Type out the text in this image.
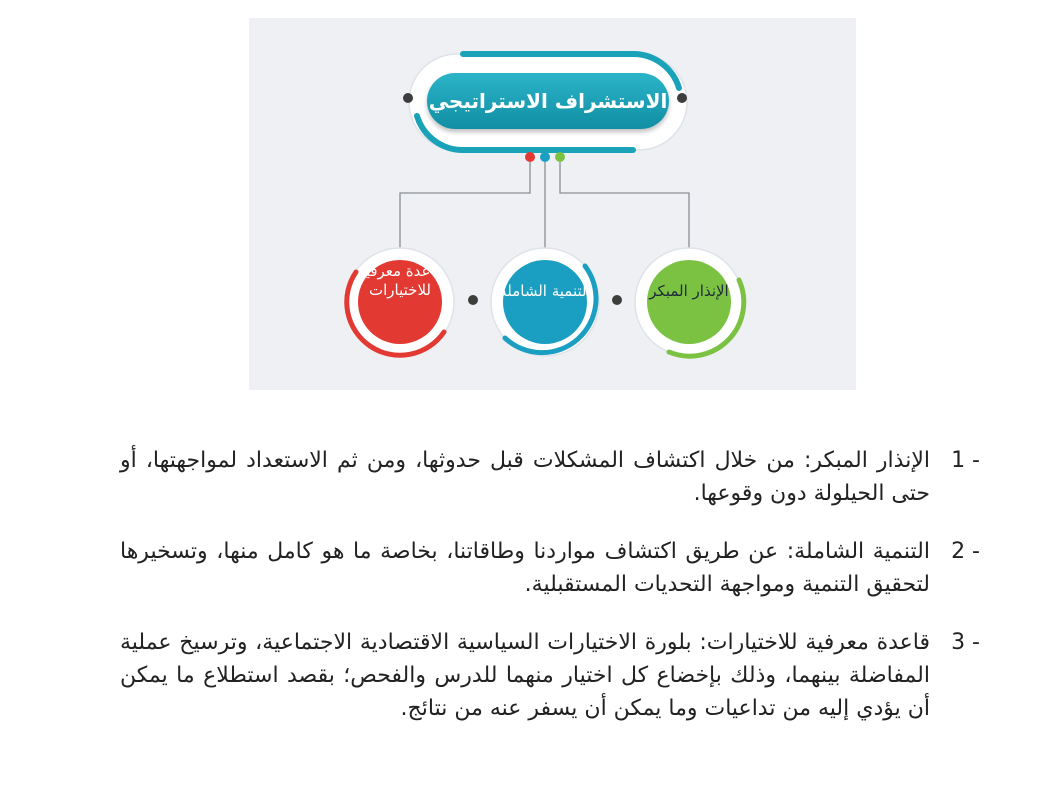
الاستشراف الاستراتيجي
قاعدة معرفية للاختيارات	التنمية الشاملة	الإنذار المبكر

1 -
الإنذار المبكر: من خلال اكتشاف المشكلات قبل حدوثها، ومن ثم الاستعداد لمواجهتها، أو حتى الحيلولة دون وقوعها.

2 -
التنمية الشاملة: عن طريق اكتشاف مواردنا وطاقاتنا، بخاصة ما هو كامل منها، وتسخيرها لتحقيق التنمية ومواجهة التحديات المستقبلية.

3 -
قاعدة معرفية للاختيارات: بلورة الاختيارات السياسية الاقتصادية الاجتماعية، وترسيخ عملية المفاضلة بينهما، وذلك بإخضاع كل اختيار منهما للدرس والفحص؛ بقصد استطلاع ما يمكن أن يؤدي إليه من تداعيات وما يمكن أن يسفر عنه من نتائج.
